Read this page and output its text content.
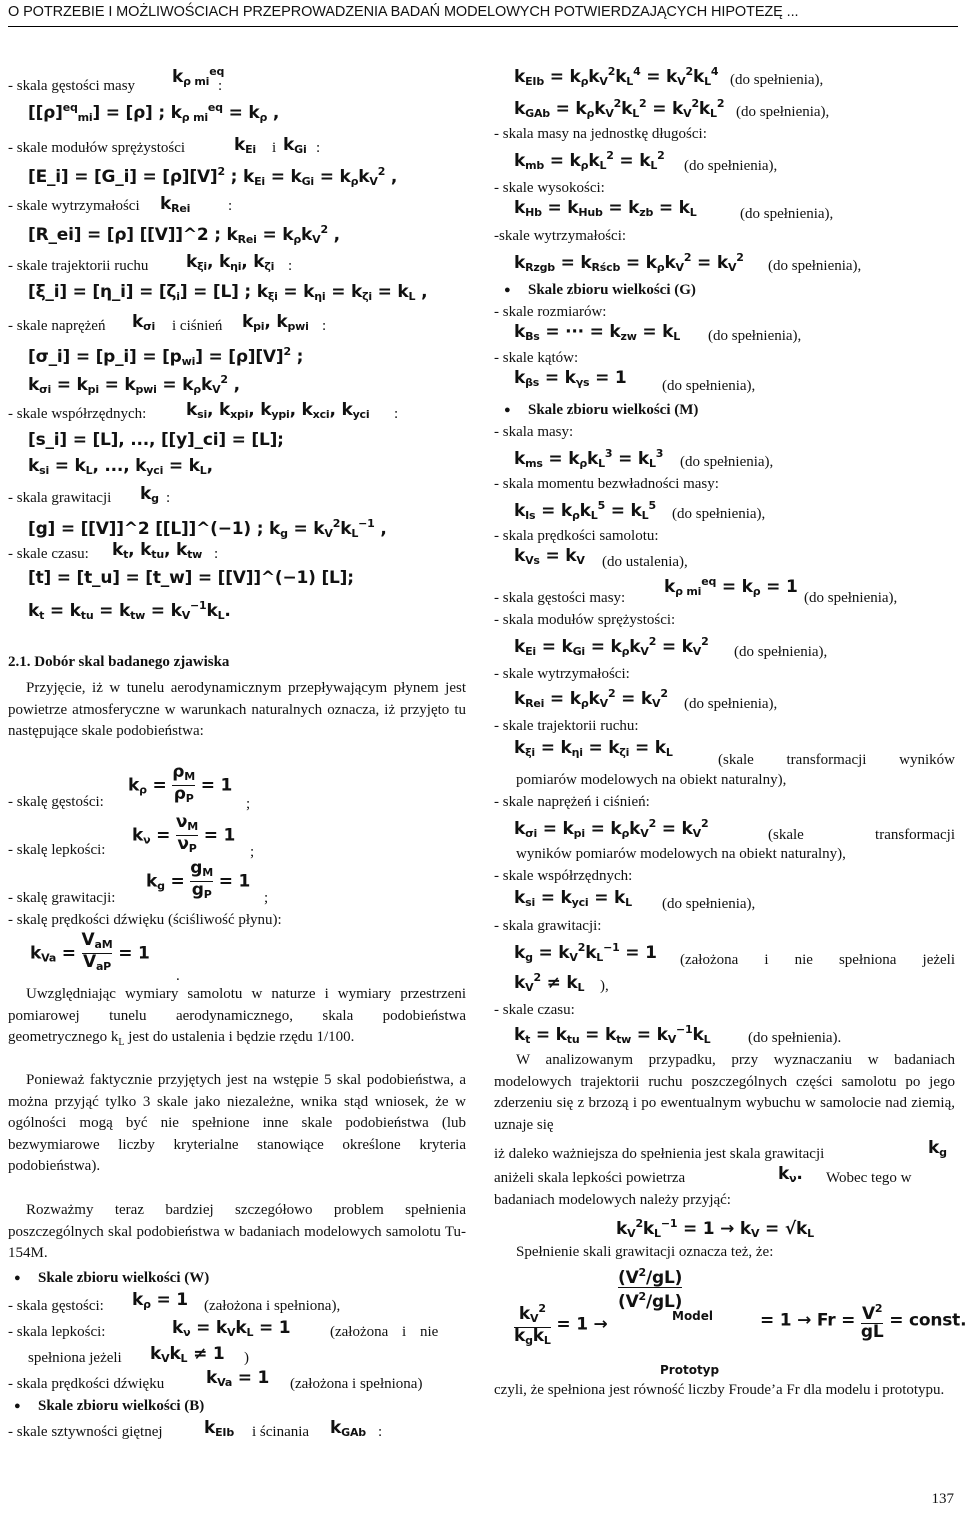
O POTRZEBIE I MOŻLIWOŚCIACH PRZEPROWADZENIA BADAŃ MODELOWYCH POTWIERDZAJĄCYCH HIPOTEZĘ ...
- skala gęstości masy $k_{\rho mi}^{eq}$
:
$[[\rho]^{eq}_{mi}] = [\rho]$ ; $k_{\rho mi}^{eq} = k_\rho$ ,
- skale modułów sprężystości	$k_{Ei}$ i $k_{Gi}$ :
[E_i] = [G_i] = $[\rho][V]^2$ ; $k_{Ei} = k_{Gi} = k_\rho k_V^2$ ,
- skale wytrzymałości $k_{Rei}$	:
[R_ei] = [ρ] [[V]]^2 ; $k_{Rei} = k_\rho k_V^2$ ,
- skale trajektorii ruchu $k_{\xi i}$, $k_{\eta i}$, $k_{\zeta i}$ :
[ξ_i] = [η_i] = $[\zeta_i] = [L]$ ; $k_{\xi i} = k_{\eta i} = k_{\zeta i} = k_L$ ,
- skale naprężeń $k_{\sigma i}$ i ciśnień $k_{pi}$, $k_{pwi}$ :
[σ_i] = [p_i] = $[p_{wi}] = [\rho][V]^2$ ;
$k_{\sigma i} = k_{pi} = k_{pwi} = k_\rho k_V^2$ ,
- skale współrzędnych: $k_{si}$, $k_{xpi}$, $k_{ypi}$, $k_{xci}$, $k_{yci}$ :
[s_i] = [L], ..., [[y]_ci] = [L];
$k_{si} = k_L$, ..., $k_{yci} = k_L$,
- skala grawitacji $k_g$ :
[g] = [[V]]^2 [[L]]^(−1) ; $k_g = k_V^2k_L^{-1}$ ,
- skale czasu: $k_t$, $k_{tu}$, $k_{tw}$ :
[t] = [t_u] = [t_w] = [[V]]^(−1) [L];
$k_t = k_{tu} = k_{tw} = k_V^{-1}k_L$.
2.1. Dobór skal badanego zjawiska
Przyjęcie, iż w tunelu aerodynamicznym przepływającym płynem jest powietrze atmosferyczne w warunkach naturalnych oznacza, iż przyjęto tu następujące skale podobieństwa:
- skalę gęstości:
$k_\rho = \frac{\rho_M}{\rho_P} = 1$
;
- skalę lepkości:
$k_\nu = \frac{\nu_M}{\nu_P} = 1$
;
- skalę grawitacji:
$k_g = \frac{g_M}{g_P} = 1$
;
- skalę prędkości dźwięku (ściśliwość płynu):
$k_{Va}$ =
$V_{aM}$
$V_{aP}$
= 1
.
Uwzględniając wymiary samolotu w naturze i wymiary przestrzeni pomiarowej tunelu aerodynamicznego, skala podobieństwa geometrycznego $k_L$ jest do ustalenia i będzie rzędu 1/100.
Ponieważ faktycznie przyjętych jest na wstępie 5 skal podobieństwa, a można przyjąć tylko 3 skale jako niezależne, wnika stąd wniosek, że w ogólności mogą być nie spełnione inne skale podobieństwa (lub bezwymiarowe liczby kryterialne stanowiące określone kryteria podobieństwa).
Rozważmy teraz bardziej szczegółowo problem spełnienia poszczególnych skal podobieństwa w badaniach modelowych samolotu Tu-154M.
● Skale zbioru wielkości (W)
- skala gęstości: $k_\rho = 1$ (założona i spełniona),
- skala lepkości:	$k_\nu = k_Vk_L = 1$	(założona i nie
spełniona jeżeli $k_Vk_L \ne 1$ )
- skala prędkości dźwięku $k_{Va} = 1$ (założona i spełniona)
● Skale zbioru wielkości (B)
- skale sztywności giętnej $k_{EIb}$ i ścinania $k_{GAb}$ :
$k_{EIb} = k_\rho k_V^2k_L^4 = k_V^2k_L^4$
(do spełnienia),
$k_{GAb} = k_\rho k_V^2k_L^2 = k_V^2k_L^2$
(do spełnienia),
- skala masy na jednostkę długości:
$k_{mb} = k_\rho k_L^2 = k_L^2$
(do spełnienia),
- skale wysokości:
$k_{Hb} = k_{Hub} = k_{zb} = k_L$	(do spełnienia),
-skale wytrzymałości:
$k_{Rzgb} = k_{Rścb} = k_\rho k_V^2 = k_V^2$
(do spełnienia),
● Skale zbioru wielkości (G)
- skale rozmiarów:
$k_{Bs}$ = ··· = $k_{zw} = k_L$ (do spełnienia),
- skale kątów:
$k_{\beta s} = k_{\gamma s} = 1$ (do spełnienia),
● Skale zbioru wielkości (M)
- skala masy:
$k_{ms} = k_\rho k_L^3 = k_L^3$
(do spełnienia),
- skala momentu bezwładności masy:
$k_{Is} = k_\rho k_L^5 = k_L^5$
(do spełnienia),
- skala prędkości samolotu:
$k_{Vs} = k_V$ (do ustalenia),
- skala gęstości masy:
$k_{\rho mi}^{eq} = k_\rho = 1$
(do spełnienia),
- skala modułów sprężystości:
$k_{Ei} = k_{Gi} = k_\rho k_V^2 = k_V^2$
(do spełnienia),
- skale wytrzymałości:
$k_{Rei} = k_\rho k_V^2 = k_V^2$
(do spełnienia),
- skale trajektorii ruchu:
$k_{\xi i} = k_{\eta i} = k_{\zeta i} = k_L$	(skale transformacji wyników
pomiarów modelowych na obiekt naturalny),
- skale naprężeń i ciśnień:
$k_{\sigma i} = k_{pi} = k_\rho k_V^2 = k_V^2$
(skale transformacji
wyników pomiarów modelowych na obiekt naturalny),
- skale współrzędnych:
$k_{si} = k_{yci} = k_L$ (do spełnienia),
- skala grawitacji:
$k_g = k_V^2k_L^{-1} = 1$ (założona i nie spełniona jeżeli
$k_V^2 \ne k_L$ ),
- skale czasu:
$k_t = k_{tu} = k_{tw} = k_V^{-1}k_L$	(do spełnienia).
W analizowanym przypadku, przy wyznaczaniu w badaniach modelowych trajektorii ruchu poszczególnych części samolotu po jego zderzeniu się z brzozą i po ewentualnym wybuchu w samolocie nad ziemią, uznaje się
iż daleko ważniejsza do spełnienia jest skala grawitacji	$k_g$
aniżeli skala lepkości powietrza	$k_\nu$. Wobec tego w
badaniach modelowych należy przyjąć:
$k_V^2k_L^{-1} = 1 \to k_V = √k_L$
Spełnienie skali grawitacji oznacza też, że:
$k_V^2$
$k_gk_L$
= 1 →
$\frac{(V^2/gL)}{(V^2/gL)}$
Model
Prototyp
= $1 \to Fr = \frac{V^2}{gL}$ = const.
czyli, że spełniona jest równość liczby Froude’a Fr dla modelu i prototypu.
137
